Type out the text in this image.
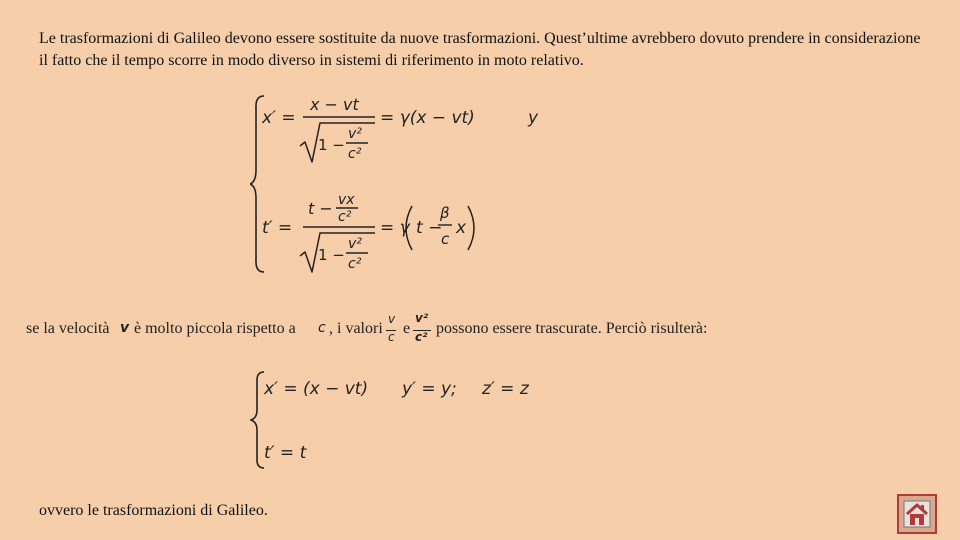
Le trasformazioni di Galileo devono essere sostituite da nuove trasformazioni. Quest’ultime avrebbero dovuto prendere in considerazione il fatto che il tempo scorre in modo diverso in sistemi di riferimento in moto relativo.

x′ =
x − vt
1 −
v²
c²
= γ(x − vt)	y
t′ =
t − vx
c²
1 −
v²
c²
= γ t −
β
c
x
se la velocità v è molto piccola rispetto a c , i valori
v
c e
v²
c² possono essere trascurate. Perciò risulterà:
x′ = (x − vt) y′ = y; z′ = z
t′ = t

ovvero le trasformazioni di Galileo.
